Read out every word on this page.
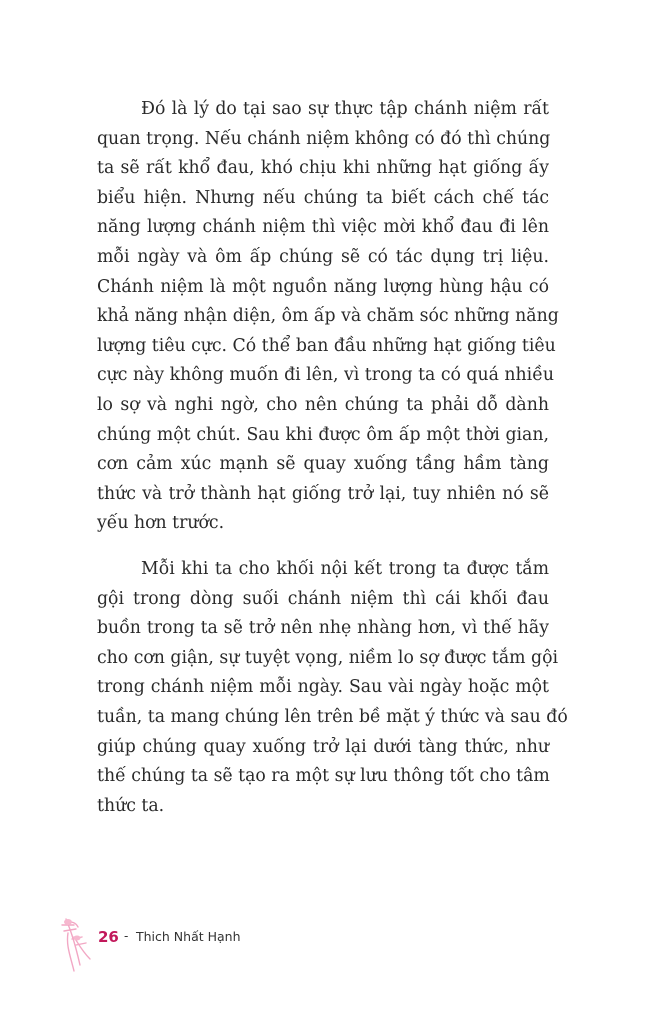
Đó là lý do tại sao sự thực tập chánh niệm rất
quan trọng. Nếu chánh niệm không có đó thì chúng
ta sẽ rất khổ đau, khó chịu khi những hạt giống ấy
biểu hiện. Nhưng nếu chúng ta biết cách chế tác
năng lượng chánh niệm thì việc mời khổ đau đi lên
mỗi ngày và ôm ấp chúng sẽ có tác dụng trị liệu.
Chánh niệm là một nguồn năng lượng hùng hậu có
khả năng nhận diện, ôm ấp và chăm sóc những năng
lượng tiêu cực. Có thể ban đầu những hạt giống tiêu
cực này không muốn đi lên, vì trong ta có quá nhiều
lo sợ và nghi ngờ, cho nên chúng ta phải dỗ dành
chúng một chút. Sau khi được ôm ấp một thời gian,
cơn cảm xúc mạnh sẽ quay xuống tầng hầm tàng
thức và trở thành hạt giống trở lại, tuy nhiên nó sẽ
yếu hơn trước.
Mỗi khi ta cho khối nội kết trong ta được tắm
gội trong dòng suối chánh niệm thì cái khối đau
buồn trong ta sẽ trở nên nhẹ nhàng hơn, vì thế hãy
cho cơn giận, sự tuyệt vọng, niềm lo sợ được tắm gội
trong chánh niệm mỗi ngày. Sau vài ngày hoặc một
tuần, ta mang chúng lên trên bề mặt ý thức và sau đó
giúp chúng quay xuống trở lại dưới tàng thức, như
thế chúng ta sẽ tạo ra một sự lưu thông tốt cho tâm
thức ta.
26 - Thich Nhất Hạnh
